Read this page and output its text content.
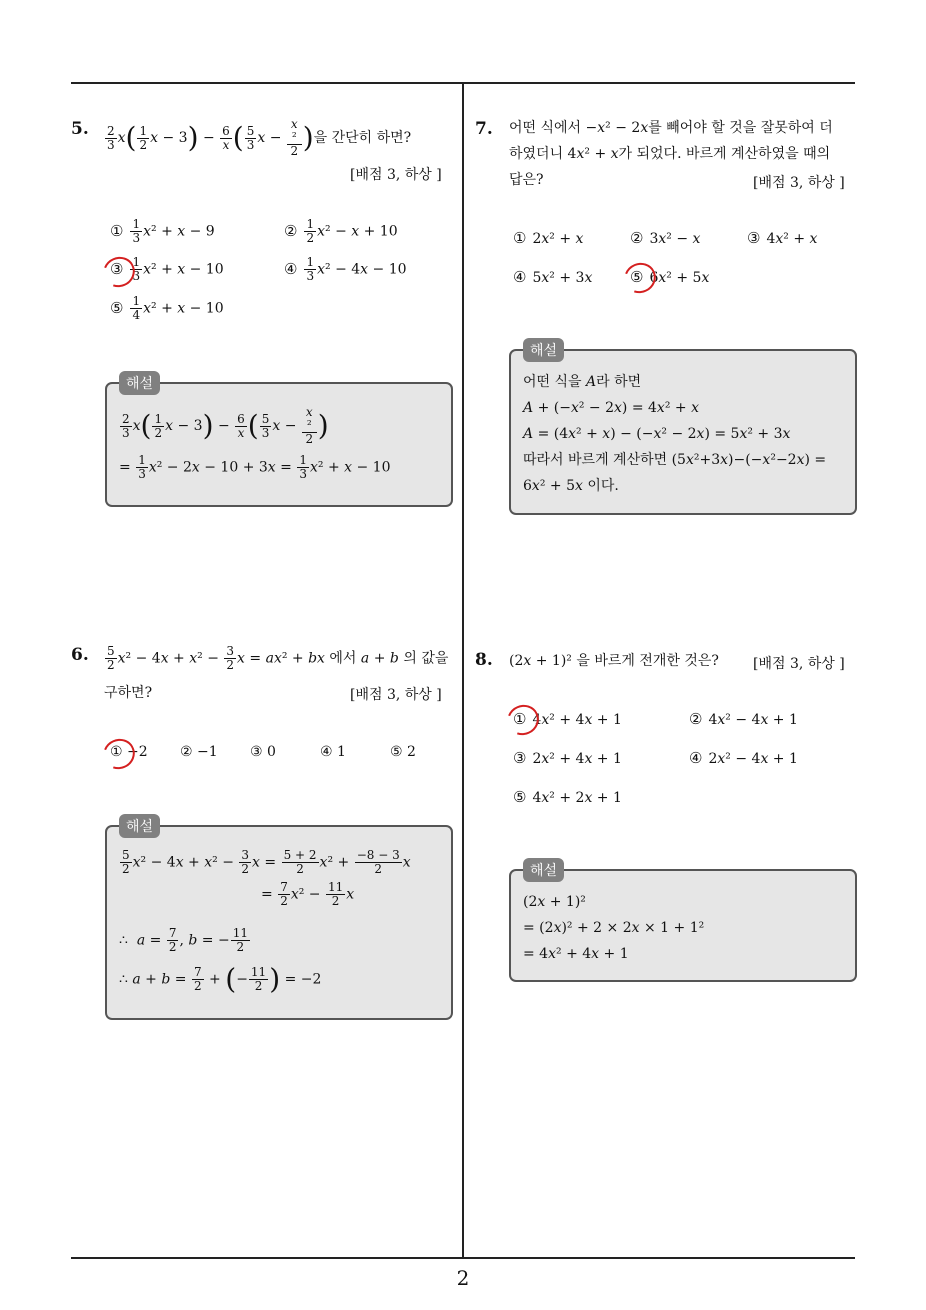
5. $\frac{2}{3} x( \frac{1}{2}$ $x - 3) - \frac{6}{x}$ ( $\frac{5}{3}$ x − x
²
2 )을 간단히 하면?
[배점 3, 하상 ]
① $\frac{1}{3} x^2 + x - 9$	② $\frac{1}{2} x^2 - x + 10$
③ $\frac{1}{3} x^2 + x - 10$	④ $\frac{1}{3} x^2 - 4x - 10$
⑤ $\frac{1}{4} x^2 + x - 10$
$\frac{2}{3} x( \frac{1}{2}$ $x - 3) - \frac{6}{x}$ ( $\frac{5}{3}$ x − x
²
2 )
= $\frac{1}{3} x^2 - 2x - 10 + 3x = \frac{1}{3} x^2 + x - 10$
해설
7. 어떤 식에서 −x² − 2x를 빼어야 할 것을 잘못하여 더
하였더니 4x² + x가 되었다. 바르게 계산하였을 때의
답은?	[배점 3, 하상 ]
① 2x² + x	② 3x² − x	③ 4x² + x
④ 5x² + 3x	⑤ 6x² + 5x
어떤 식을 A라 하면
A + (−x² − 2x) = 4x² + x
A = (4x² + x) − (−x² − 2x) = 5x² + 3x
따라서 바르게 계산하면 (5x²+3x)−(−x²−2x) =
6x² + 5x 이다.
해설
6. $\frac{5}{2} x^2 - 4x + x^2 - \frac{3}{2}$ x = ax² + bx 에서 a + b 의 값을
구하면?	[배점 3, 하상 ]
① −2 ② −1 ③ 0	④ 1	⑤ 2
$\frac{5}{2} x^2 - 4x + x^2 - \frac{3}{2}$ $x = \frac{5 + 2}{2} x^2 + \frac{-8 - 3}{2}$ x
= $\frac{7}{2} x^2 - \frac{11}{2}$ x
∴  $a = \frac{7}{2}$ , b = − $\frac{11}{2}$
∴ $a + b = \frac{7}{2}$ + (− $\frac{11}{2}$ ) = −2
해설
8. (2x + 1)² 을 바르게 전개한 것은? [배점 3, 하상 ]
① 4x² + 4x + 1	② 4x² − 4x + 1
③ 2x² + 4x + 1	④ 2x² − 4x + 1
⑤ 4x² + 2x + 1
(2x + 1)²
= (2x)² + 2 × 2x × 1 + 1²
= 4x² + 4x + 1
해설
2
